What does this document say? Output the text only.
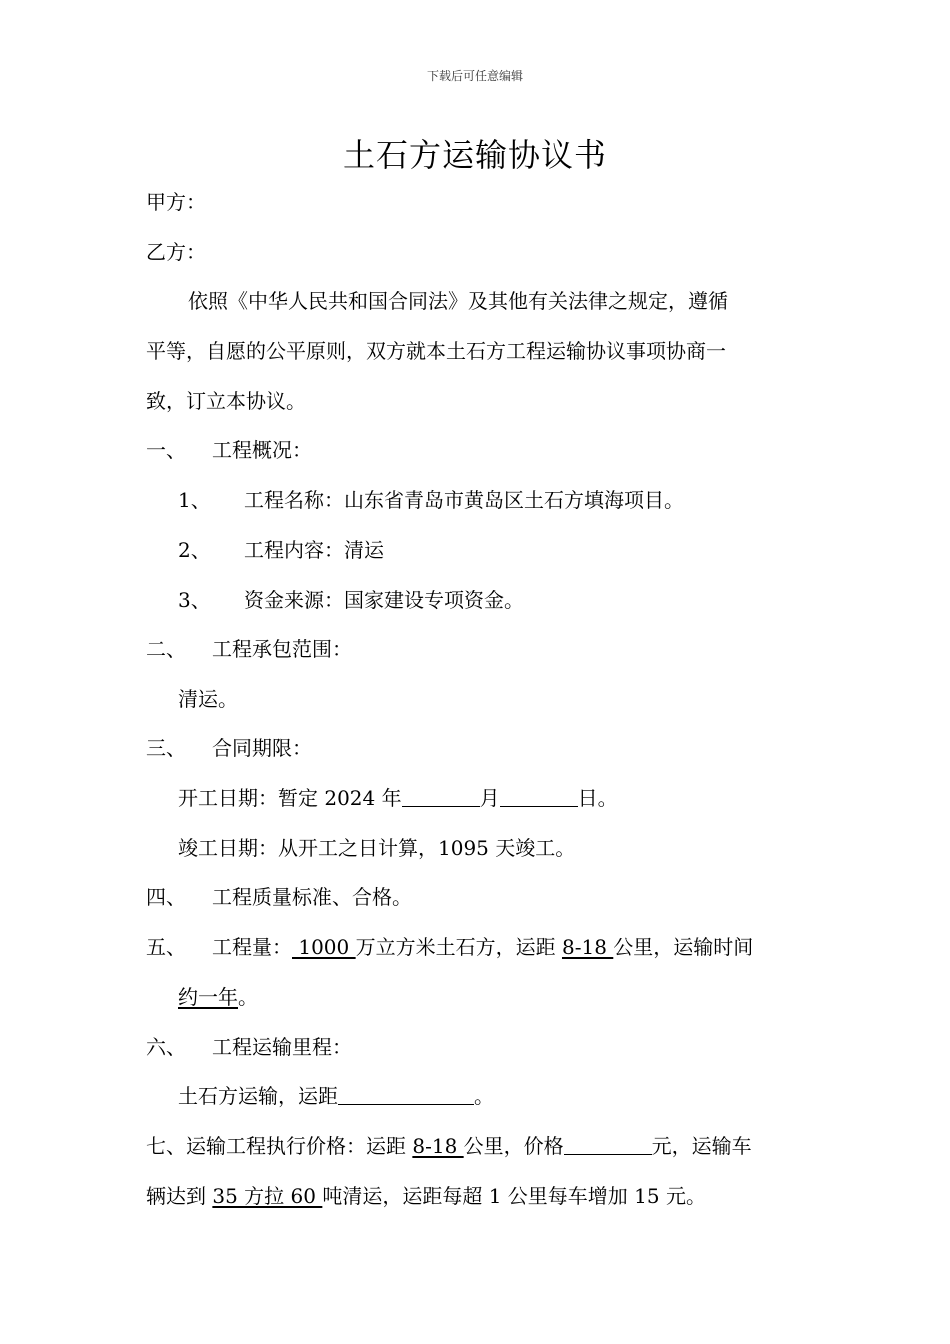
下载后可任意编辑
土石方运输协议书
甲方：
乙方：
依照《中华人民共和国合同法》及其他有关法律之规定，遵循
平等，自愿的公平原则，双方就本土石方工程运输协议事项协商一
致，订立本协议。
一、 工程概况：
1、 工程名称：山东省青岛市黄岛区土石方填海项目。
2、 工程内容：清运
3、 资金来源：国家建设专项资金。
二、 工程承包范围：
清运。
三、 合同期限：
开工日期：暂定 2024 年	月	日。
竣工日期：从开工之日计算，1095 天竣工。
四、 工程质量标准、合格。
五、 工程量： 1000 万立方米土石方，运距 8-18 公里，运输时间
约一年。
六、 工程运输里程：
土石方运输，运距	。
七、运输工程执行价格：运距 8-18 公里，价格	元，运输车
辆达到 35 方拉 60 吨清运，运距每超 1 公里每车增加 15 元。
